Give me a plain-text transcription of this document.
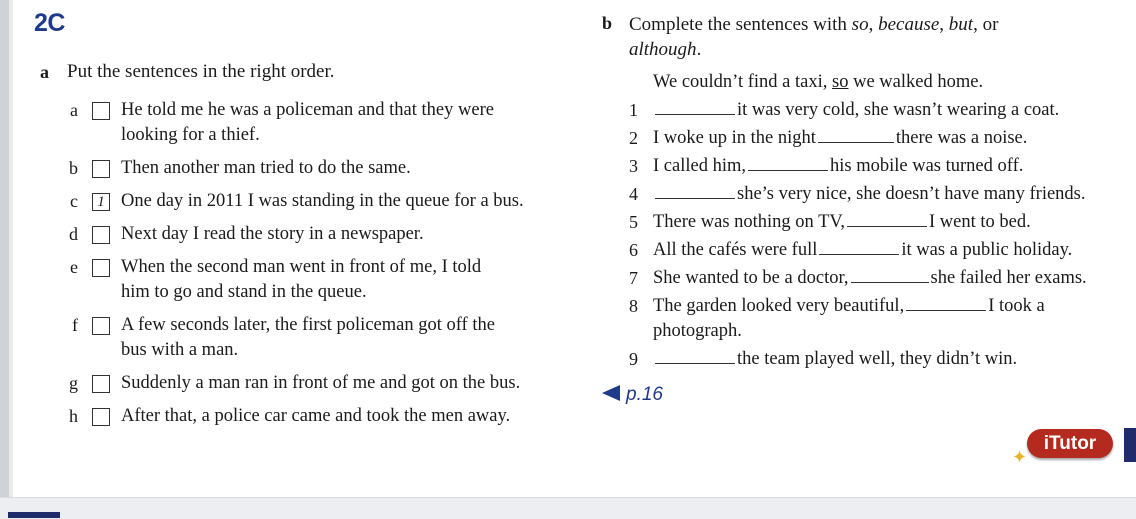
2C
a Put the sentences in the right order.
a He told me he was a policeman and that they were
looking for a thief.
b Then another man tried to do the same.
c	1 One day in 2011 I was standing in the queue for a bus.
d Next day I read the story in a newspaper.
e When the second man went in front of me, I told
him to go and stand in the queue.
f A few seconds later, the first policeman got off the
bus with a man.
g Suddenly a man ran in front of me and got on the bus.
h After that, a police car came and took the men away.
b Complete the sentences with so, because, but, or
although.
We couldn’t find a taxi, so we walked home.
1	it was very cold, she wasn’t wearing a coat.
2 I woke up in the night	there was a noise.
3 I called him,	his mobile was turned off.
4	she’s very nice, she doesn’t have many friends.
5 There was nothing on TV,	I went to bed.
6 All the cafés were full	it was a public holiday.
7 She wanted to be a doctor,	she failed her exams.
8 The garden looked very beautiful,	I took a
photograph.
9	the team played well, they didn’t win.
p.16
✦
iTutor
